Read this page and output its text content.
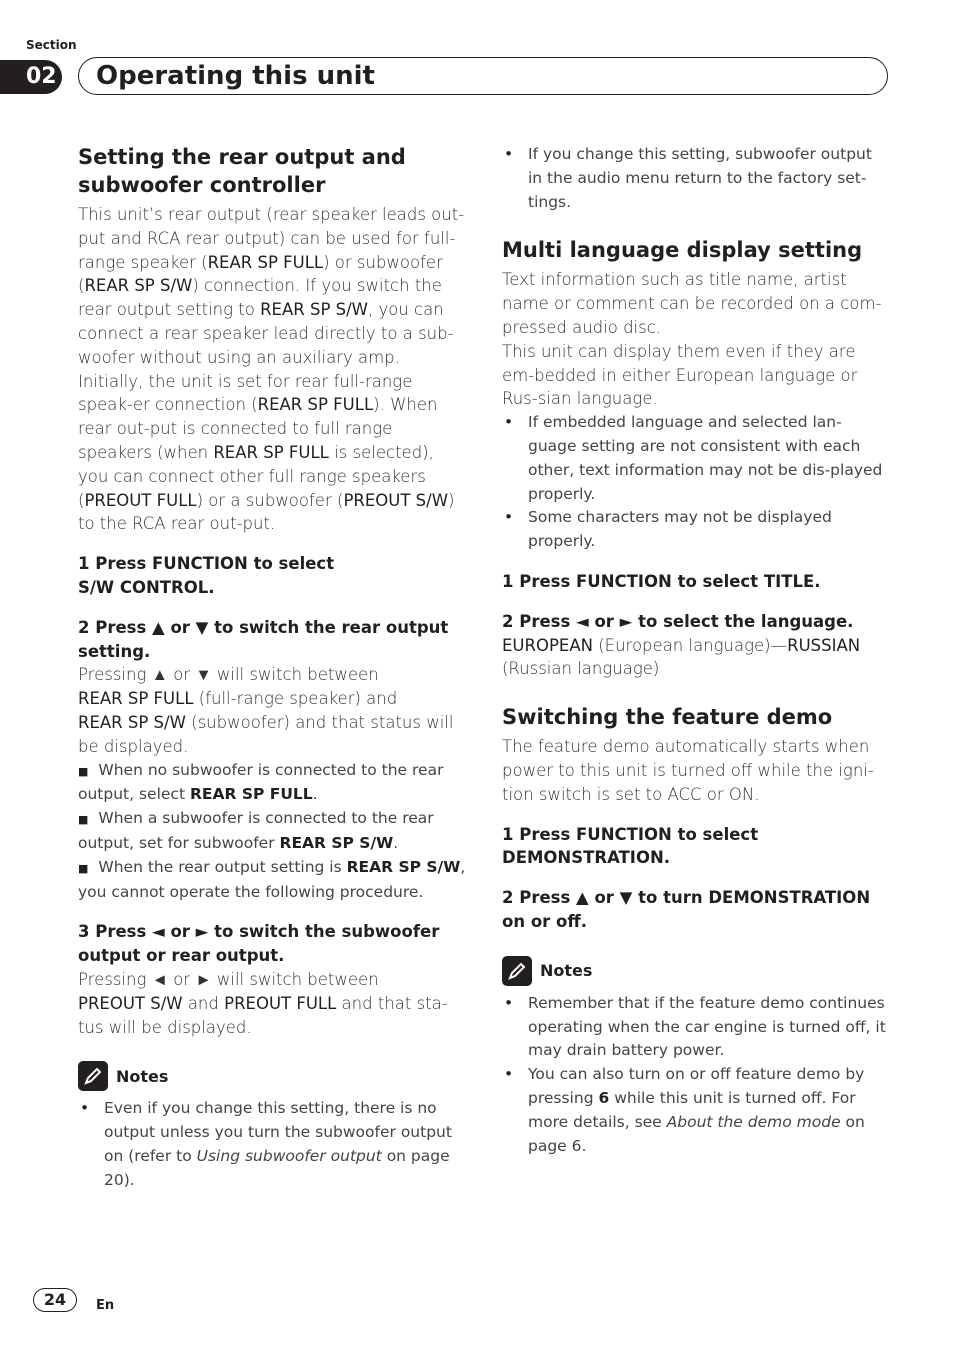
Section
02 Operating this unit
Setting the rear output and
subwoofer controller

This unit’s rear output (rear speaker leads out-put and RCA rear output) can be used for full-range speaker (REAR SP FULL) or subwoofer (REAR SP S/W) connection. If you switch the rear output setting to REAR SP S/W, you can connect a rear speaker lead directly to a sub-woofer without using an auxiliary amp.

Initially, the unit is set for rear full-range speak-er connection (REAR SP FULL). When rear out-put is connected to full range speakers (when REAR SP FULL is selected), you can connect other full range speakers (PREOUT FULL) or a subwoofer (PREOUT S/W) to the RCA rear out-put.

1 Press FUNCTION to select
S/W CONTROL.

2 Press ▲ or ▼ to switch the rear output setting.

Pressing ▲ or ▼ will switch between
REAR SP FULL (full-range speaker) and
REAR SP S/W (subwoofer) and that status will be displayed.

■ When no subwoofer is connected to the rear output, select REAR SP FULL.
■ When a subwoofer is connected to the rear output, set for subwoofer REAR SP S/W.
■ When the rear output setting is REAR SP S/W, you cannot operate the following procedure.

3 Press ◄ or ► to switch the subwoofer output or rear output.

Pressing ◄ or ► will switch between
PREOUT S/W and PREOUT FULL and that sta-tus will be displayed.

Notes
• Even if you change this setting, there is no output unless you turn the subwoofer output on (refer to Using subwoofer output on page 20).
• If you change this setting, subwoofer output in the audio menu return to the factory set-tings.
Multi language display setting

Text information such as title name, artist name or comment can be recorded on a com-pressed audio disc.

This unit can display them even if they are em-bedded in either European language or Rus-sian language.

• If embedded language and selected lan-guage setting are not consistent with each other, text information may not be dis-played properly.
• Some characters may not be displayed properly.

1 Press FUNCTION to select TITLE.

2 Press ◄ or ► to select the language.

EUROPEAN (European language)—RUSSIAN
(Russian language)

Switching the feature demo

The feature demo automatically starts when power to this unit is turned off while the igni-tion switch is set to ACC or ON.

1 Press FUNCTION to select
DEMONSTRATION.

2 Press ▲ or ▼ to turn DEMONSTRATION on or off.

Notes
• Remember that if the feature demo continues operating when the car engine is turned off, it may drain battery power.
• You can also turn on or off feature demo by pressing 6 while this unit is turned off. For more details, see About the demo mode on page 6.
24	En
